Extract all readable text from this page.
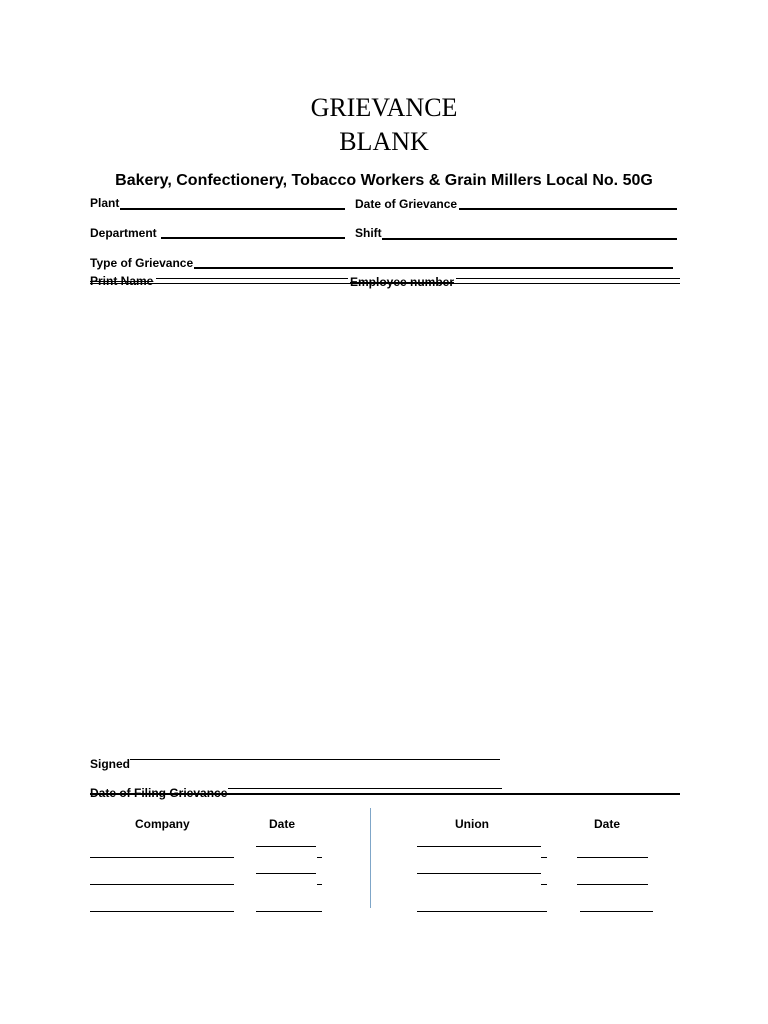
GRIEVANCE
BLANK
Bakery, Confectionery, Tobacco Workers & Grain Millers Local No. 50G
Plant	Date of Grievance
Department	Shift
Type of Grievance
Print Name	Employee number
Signed
Date of Filing Grievance
Company	Date	Union	Date
